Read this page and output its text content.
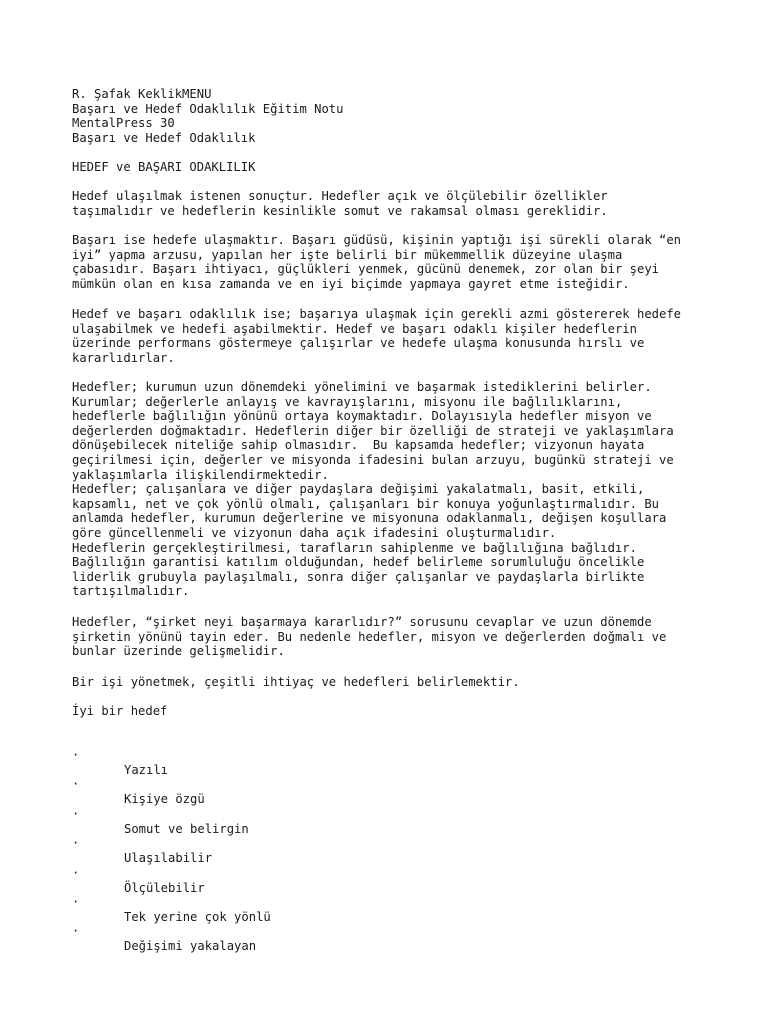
R. Şafak KeklikMENU
Başarı ve Hedef Odaklılık Eğitim Notu
MentalPress 30
Başarı ve Hedef Odaklılık
HEDEF ve BAŞARI ODAKLILIK
Hedef ulaşılmak istenen sonuçtur. Hedefler açık ve ölçülebilir özellikler
taşımalıdır ve hedeflerin kesinlikle somut ve rakamsal olması gereklidir.
Başarı ise hedefe ulaşmaktır. Başarı güdüsü, kişinin yaptığı işi sürekli olarak “en
iyi” yapma arzusu, yapılan her işte belirli bir mükemmellik düzeyine ulaşma
çabasıdır. Başarı ihtiyacı, güçlükleri yenmek, gücünü denemek, zor olan bir şeyi
mümkün olan en kısa zamanda ve en iyi biçimde yapmaya gayret etme isteğidir.
Hedef ve başarı odaklılık ise; başarıya ulaşmak için gerekli azmi göstererek hedefe
ulaşabilmek ve hedefi aşabilmektir. Hedef ve başarı odaklı kişiler hedeflerin
üzerinde performans göstermeye çalışırlar ve hedefe ulaşma konusunda hırslı ve
kararlıdırlar.
Hedefler; kurumun uzun dönemdeki yönelimini ve başarmak istediklerini belirler.
Kurumlar; değerlerle anlayış ve kavrayışlarını, misyonu ile bağlılıklarını,
hedeflerle bağlılığın yönünü ortaya koymaktadır. Dolayısıyla hedefler misyon ve
değerlerden doğmaktadır. Hedeflerin diğer bir özelliği de strateji ve yaklaşımlara
dönüşebilecek niteliğe sahip olmasıdır.  Bu kapsamda hedefler; vizyonun hayata
geçirilmesi için, değerler ve misyonda ifadesini bulan arzuyu, bugünkü strateji ve
yaklaşımlarla ilişkilendirmektedir.
Hedefler; çalışanlara ve diğer paydaşlara değişimi yakalatmalı, basit, etkili,
kapsamlı, net ve çok yönlü olmalı, çalışanları bir konuya yoğunlaştırmalıdır. Bu
anlamda hedefler, kurumun değerlerine ve misyonuna odaklanmalı, değişen koşullara
göre güncellenmeli ve vizyonun daha açık ifadesini oluşturmalıdır.
Hedeflerin gerçekleştirilmesi, tarafların sahiplenme ve bağlılığına bağlıdır.
Bağlılığın garantisi katılım olduğundan, hedef belirleme sorumluluğu öncelikle
liderlik grubuyla paylaşılmalı, sonra diğer çalışanlar ve paydaşlarla birlikte
tartışılmalıdır.
Hedefler, “şirket neyi başarmaya kararlıdır?” sorusunu cevaplar ve uzun dönemde
şirketin yönünü tayin eder. Bu nedenle hedefler, misyon ve değerlerden doğmalı ve
bunlar üzerinde gelişmelidir.
Bir işi yönetmek, çeşitli ihtiyaç ve hedefleri belirlemektir.
İyi bir hedef

·

Yazılı

·

Kişiye özgü

·

Somut ve belirgin

·

Ulaşılabilir

·

Ölçülebilir

·

Tek yerine çok yönlü

·

Değişimi yakalayan
